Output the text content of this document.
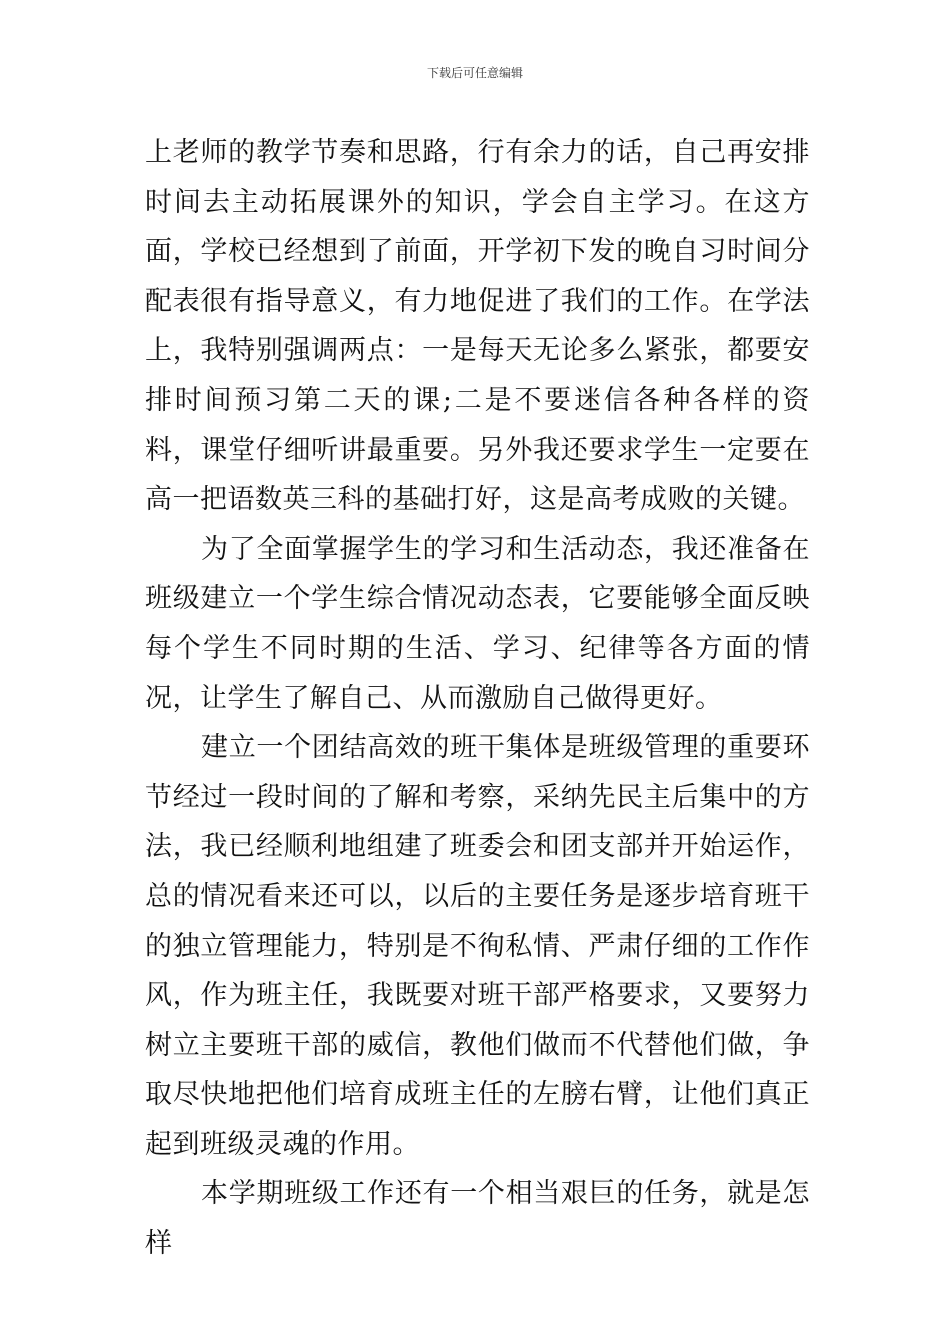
下载后可任意编辑

上老师的教学节奏和思路，行有余力的话，自己再安排时间去主动拓展课外的知识，学会自主学习。在这方面，学校已经想到了前面，开学初下发的晚自习时间分配表很有指导意义，有力地促进了我们的工作。在学法上，我特别强调两点：一是每天无论多么紧张，都要安排时间预习第二天的课;二是不要迷信各种各样的资料，课堂仔细听讲最重要。另外我还要求学生一定要在高一把语数英三科的基础打好，这是高考成败的关键。

为了全面掌握学生的学习和生活动态，我还准备在班级建立一个学生综合情况动态表，它要能够全面反映每个学生不同时期的生活、学习、纪律等各方面的情况，让学生了解自己、从而激励自己做得更好。

建立一个团结高效的班干集体是班级管理的重要环节经过一段时间的了解和考察，采纳先民主后集中的方法，我已经顺利地组建了班委会和团支部并开始运作，总的情况看来还可以，以后的主要任务是逐步培育班干的独立管理能力，特别是不徇私情、严肃仔细的工作作风，作为班主任，我既要对班干部严格要求，又要努力树立主要班干部的威信，教他们做而不代替他们做，争取尽快地把他们培育成班主任的左膀右臂，让他们真正起到班级灵魂的作用。

本学期班级工作还有一个相当艰巨的任务，就是怎样
